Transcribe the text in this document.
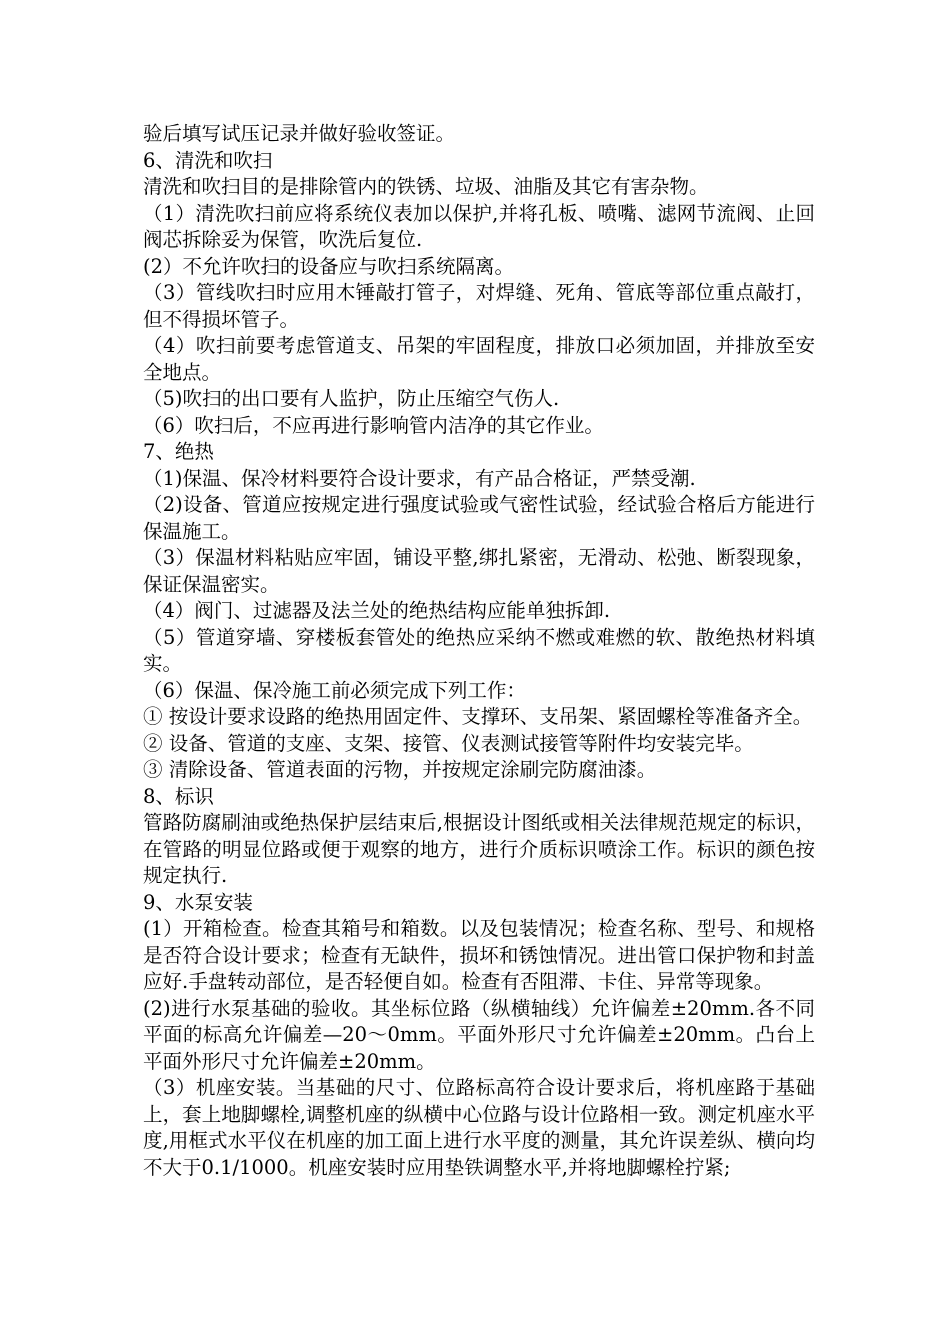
验后填写试压记录并做好验收签证。

6、清洗和吹扫

清洗和吹扫目的是排除管内的铁锈、垃圾、油脂及其它有害杂物。

（1）清洗吹扫前应将系统仪表加以保护,并将孔板、喷嘴、滤网节流阀、止回阀芯拆除妥为保管，吹洗后复位.

(2）不允许吹扫的设备应与吹扫系统隔离。

（3）管线吹扫时应用木锤敲打管子，对焊缝、死角、管底等部位重点敲打，但不得损坏管子。

（4）吹扫前要考虑管道支、吊架的牢固程度，排放口必须加固，并排放至安全地点。

（5)吹扫的出口要有人监护，防止压缩空气伤人.

（6）吹扫后，不应再进行影响管内洁净的其它作业。

7、绝热

（1)保温、保冷材料要符合设计要求，有产品合格证，严禁受潮.

（2)设备、管道应按规定进行强度试验或气密性试验，经试验合格后方能进行保温施工。

（3）保温材料粘贴应牢固，铺设平整,绑扎紧密，无滑动、松弛、断裂现象，保证保温密实。

（4）阀门、过滤器及法兰处的绝热结构应能单独拆卸.

（5）管道穿墙、穿楼板套管处的绝热应采纳不燃或难燃的软、散绝热材料填实。

（6）保温、保冷施工前必须完成下列工作：

① 按设计要求设路的绝热用固定件、支撑环、支吊架、紧固螺栓等准备齐全。

② 设备、管道的支座、支架、接管、仪表测试接管等附件均安装完毕。

③ 清除设备、管道表面的污物，并按规定涂刷完防腐油漆。

8、标识

管路防腐刷油或绝热保护层结束后,根据设计图纸或相关法律规范规定的标识，在管路的明显位路或便于观察的地方，进行介质标识喷涂工作。标识的颜色按规定执行.

9、水泵安装

(1）开箱检查。检查其箱号和箱数。以及包装情况；检查名称、型号、和规格是否符合设计要求；检查有无缺件，损坏和锈蚀情况。进出管口保护物和封盖应好.手盘转动部位，是否轻便自如。检查有否阻滞、卡住、异常等现象。

(2)进行水泵基础的验收。其坐标位路（纵横轴线）允许偏差±20mm.各不同平面的标高允许偏差—20～0mm。平面外形尺寸允许偏差±20mm。凸台上平面外形尺寸允许偏差±20mm。

（3）机座安装。当基础的尺寸、位路标高符合设计要求后，将机座路于基础上，套上地脚螺栓,调整机座的纵横中心位路与设计位路相一致。测定机座水平度,用框式水平仪在机座的加工面上进行水平度的测量，其允许误差纵、横向均不大于0.1/1000。机座安装时应用垫铁调整水平,并将地脚螺栓拧紧;
